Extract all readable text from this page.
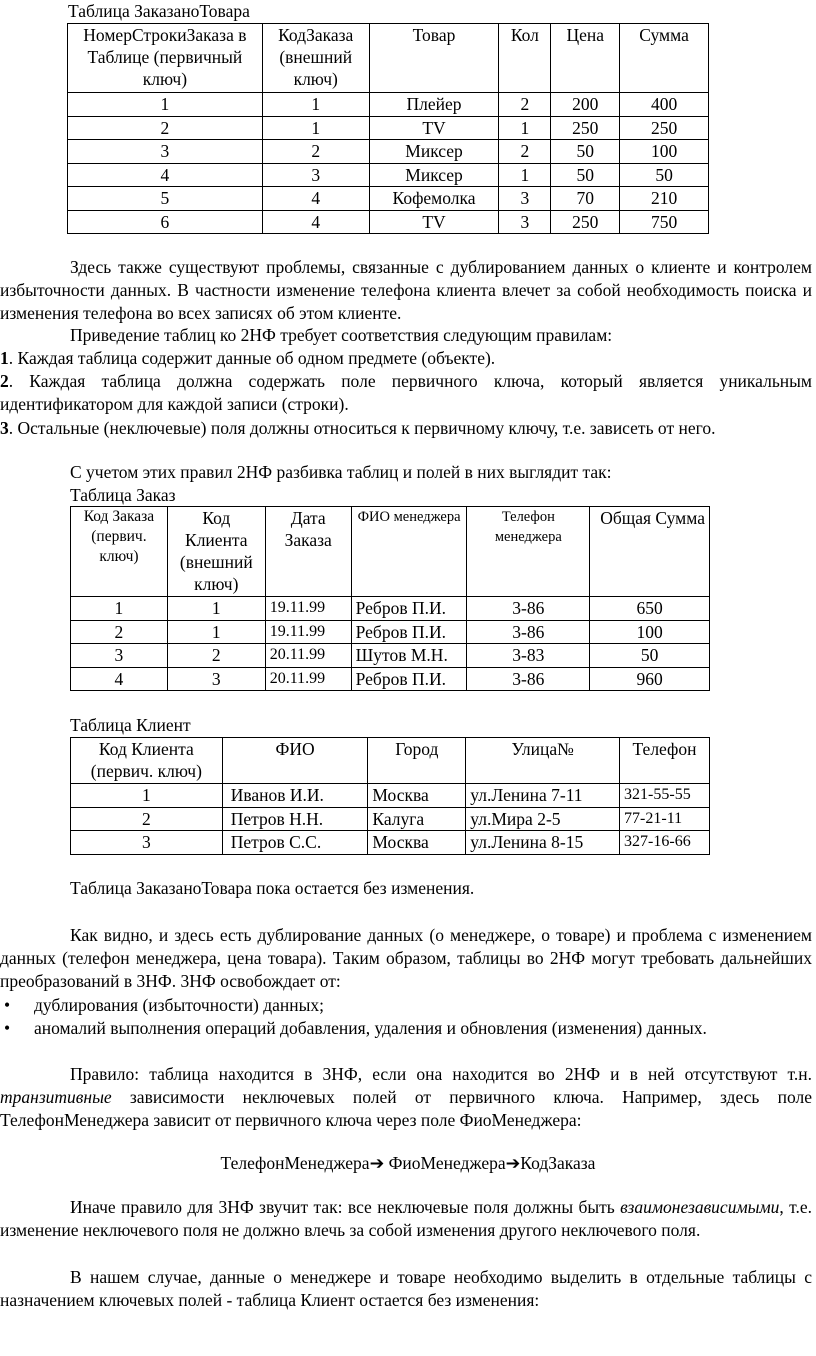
Таблица ЗаказаноТовара
НомерСтрокиЗаказа в Таблице (первичный ключ)	КодЗаказа (внешний ключ)	Товар	Кол	Цена	Сумма
1	1	Плейер	2	200	400
2	1	TV	1	250	250
3	2	Миксер	2	50	100
4	3	Миксер	1	50	50
5	4	Кофемолка	3	70	210
6	4	TV	3	250	750
Здесь также существуют проблемы, связанные с дублированием данных о клиенте и контролем избыточности данных. В частности изменение телефона клиента влечет за собой необходимость поиска и изменения телефона во всех записях об этом клиенте.
Приведение таблиц ко 2НФ требует соответствия следующим правилам:
1. Каждая таблица содержит данные об одном предмете (объекте).
2. Каждая таблица должна содержать поле первичного ключа, который является уникальным идентификатором для каждой записи (строки).
3. Остальные (неключевые) поля должны относиться к первичному ключу, т.е. зависеть от него.
С учетом этих правил 2НФ разбивка таблиц и полей в них выглядит так:
Таблица Заказ
Код Заказа (первич. ключ)	Код Клиента (внешний ключ)	Дата Заказа	ФИО менеджера	Телефон менеджера	Общая Сумма
1	1	19.11.99	Ребров П.И.	3-86	650
2	1	19.11.99	Ребров П.И.	3-86	100
3	2	20.11.99	Шутов М.Н.	3-83	50
4	3	20.11.99	Ребров П.И.	3-86	960
Таблица Клиент
Код Клиента (первич. ключ)	ФИО	Город	Улица№	Телефон
1	Иванов И.И.	Москва	ул.Ленина 7-11	321-55-55
2	Петров Н.Н.	Калуга	ул.Мира 2-5	77-21-11
3	Петров С.С.	Москва	ул.Ленина 8-15	327-16-66
Таблица ЗаказаноТовара пока остается без изменения.
Как видно, и здесь есть дублирование данных (о менеджере, о товаре) и проблема с изменением данных (телефон менеджера, цена товара). Таким образом, таблицы во 2НФ могут требовать дальнейших преобразований в 3НФ. 3НФ освобождает от:
• дублирования (избыточности) данных;
• аномалий выполнения операций добавления, удаления и обновления (изменения) данных.
Правило: таблица находится в 3НФ, если она находится во 2НФ и в ней отсутствуют т.н. транзитивные зависимости неключевых полей от первичного ключа. Например, здесь поле ТелефонМенеджера зависит от первичного ключа через поле ФиоМенеджера:
ТелефонМенеджера➔ ФиоМенеджера➔КодЗаказа
Иначе правило для 3НФ звучит так: все неключевые поля должны быть взаимонезависимыми, т.е. изменение неключевого поля не должно влечь за собой изменения другого неключевого поля.
В нашем случае, данные о менеджере и товаре необходимо выделить в отдельные таблицы с назначением ключевых полей - таблица Клиент остается без изменения:
